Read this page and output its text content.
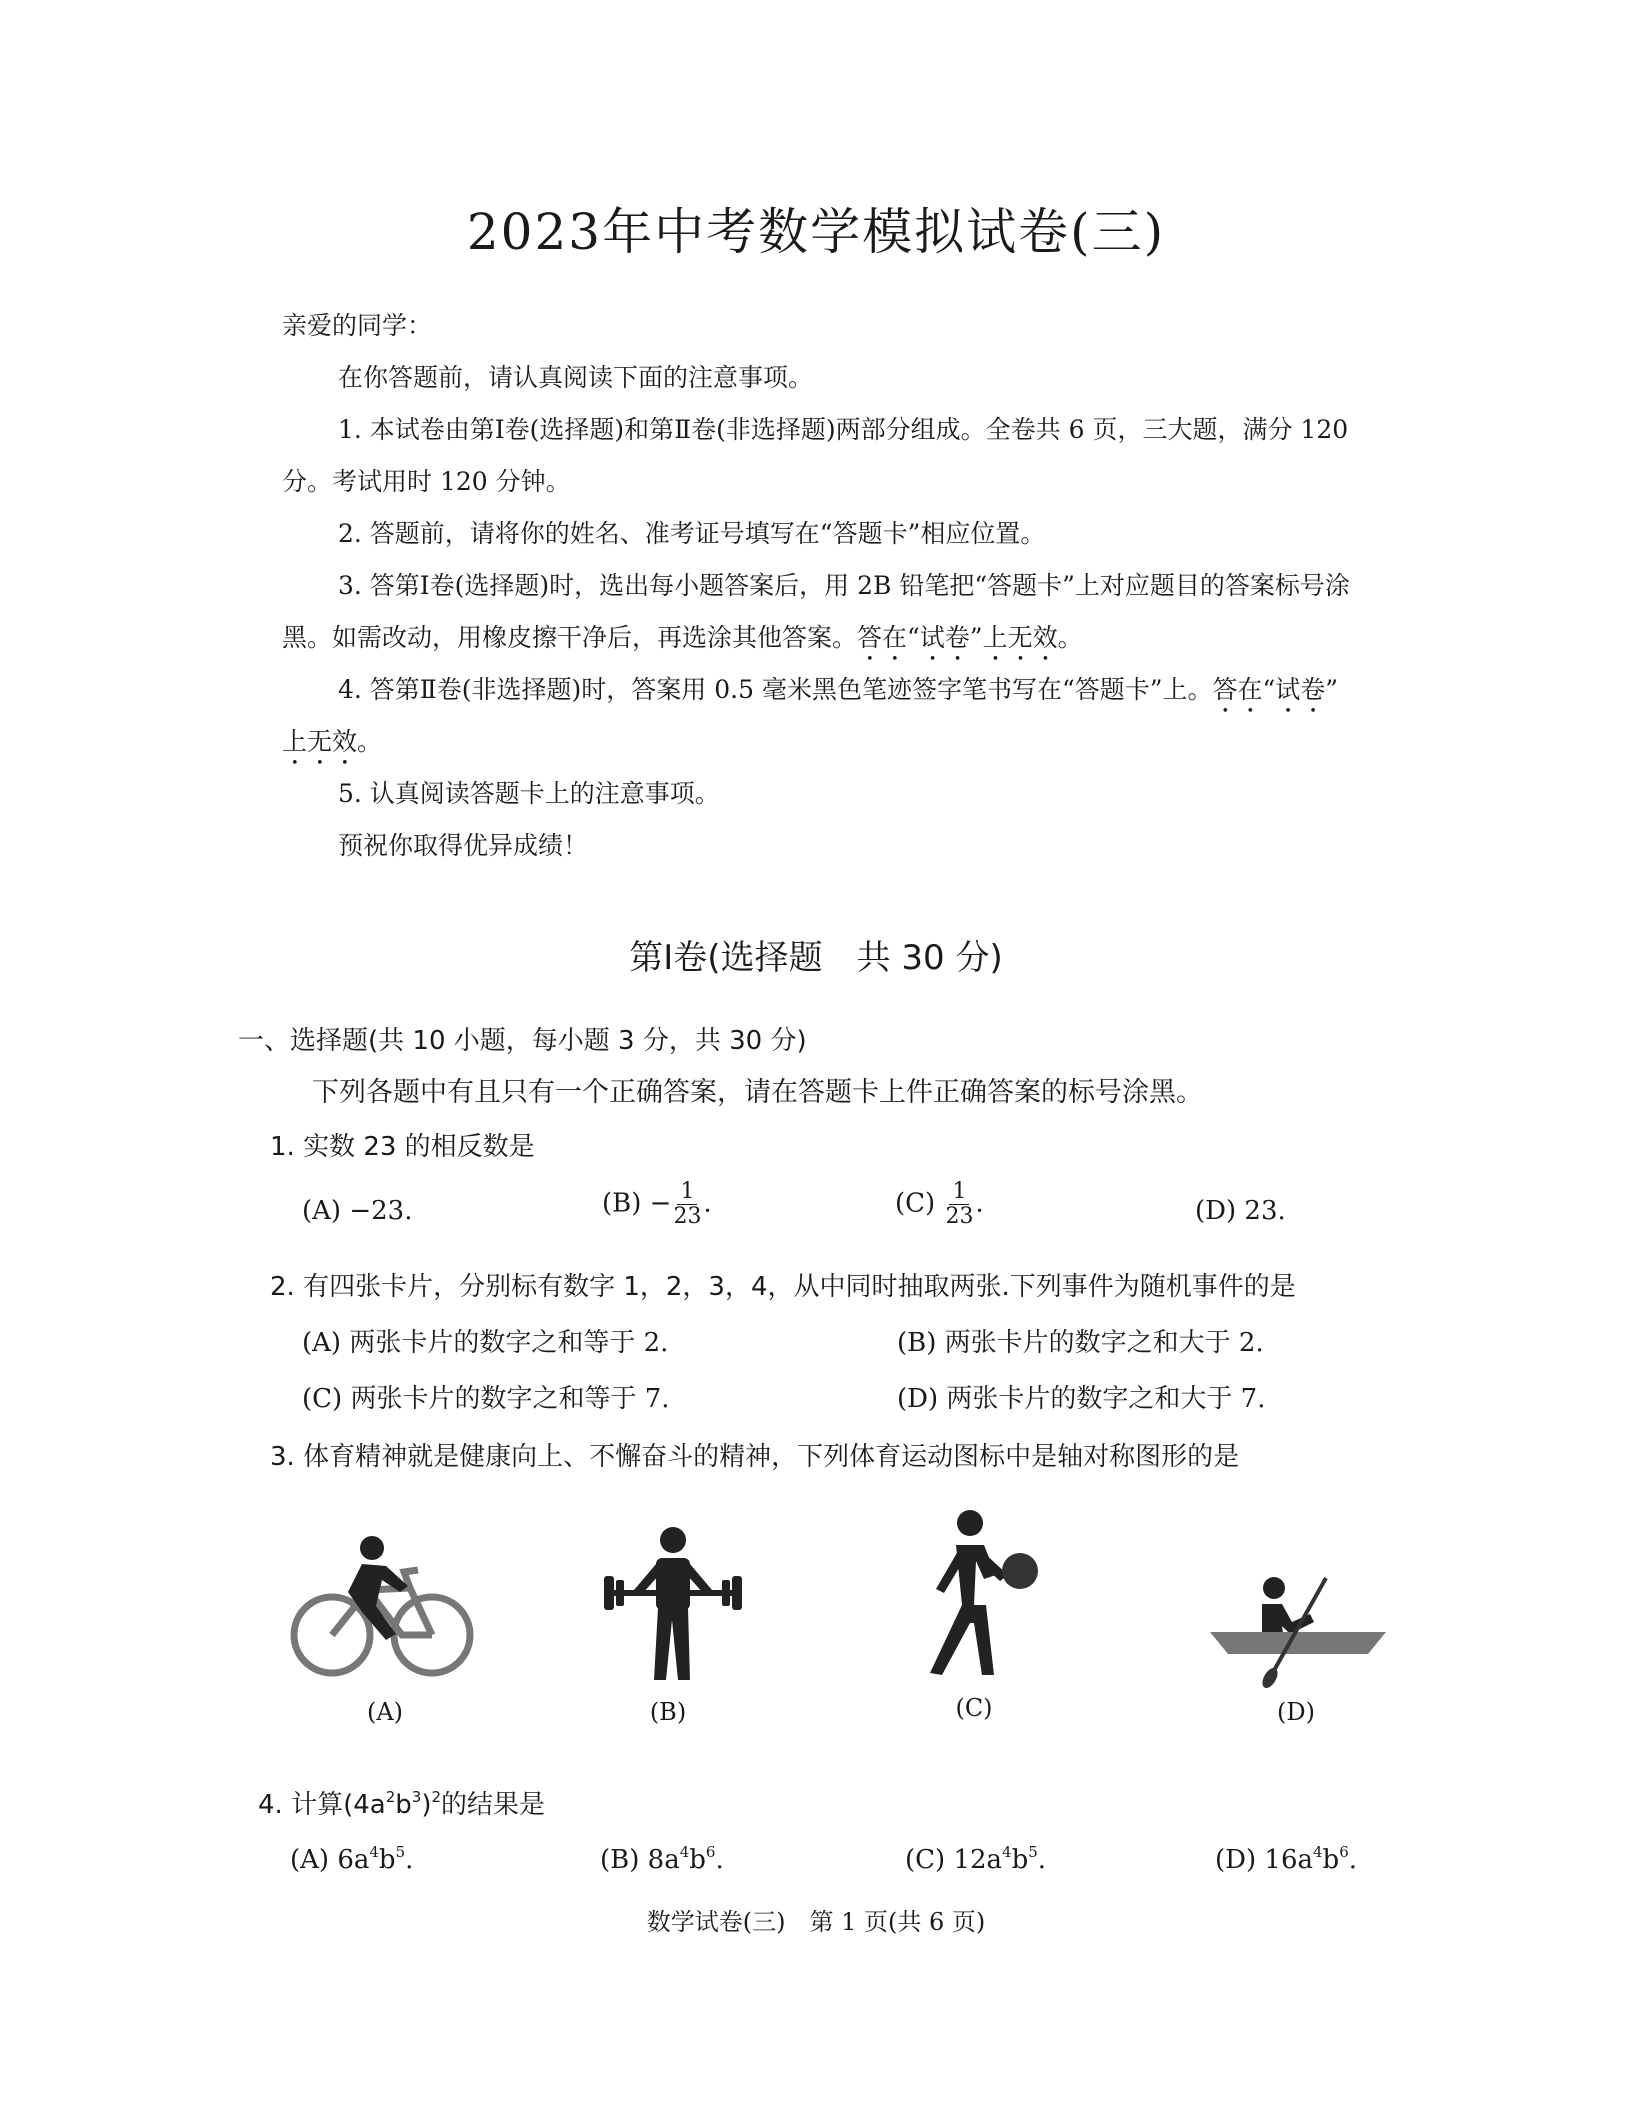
2023年中考数学模拟试卷(三)
亲爱的同学：
在你答题前，请认真阅读下面的注意事项。
1. 本试卷由第Ⅰ卷(选择题)和第Ⅱ卷(非选择题)两部分组成。全卷共 6 页，三大题，满分 120
分。考试用时 120 分钟。
2. 答题前，请将你的姓名、准考证号填写在“答题卡”相应位置。
3. 答第Ⅰ卷(选择题)时，选出每小题答案后，用 2B 铅笔把“答题卡”上对应题目的答案标号涂
黑。如需改动，用橡皮擦干净后，再选涂其他答案。答在“试卷”上无效。
4. 答第Ⅱ卷(非选择题)时，答案用 0.5 毫米黑色笔迹签字笔书写在“答题卡”上。答在“试卷”
上无效。
5. 认真阅读答题卡上的注意事项。
预祝你取得优异成绩！
第Ⅰ卷(选择题　共 30 分)
一、选择题(共 10 小题，每小题 3 分，共 30 分)
下列各题中有且只有一个正确答案，请在答题卡上件正确答案的标号涂黑。
1. 实数 23 的相反数是
(A) −23.	$(B) - \frac{1}{23}$ .	$(C) \frac{1}{23}$ .	(D) 23.
2. 有四张卡片，分别标有数字 1，2，3，4，从中同时抽取两张.下列事件为随机事件的是
(A) 两张卡片的数字之和等于 2.	(B) 两张卡片的数字之和大于 2.
(C) 两张卡片的数字之和等于 7.	(D) 两张卡片的数字之和大于 7.
3. 体育精神就是健康向上、不懈奋斗的精神，下列体育运动图标中是轴对称图形的是
(A)	(B)	(C)	(D)
4. 计算$(4a^2b^3)^2$的结果是
(A) $6a^4b^5$.	(B) $8a^4b^6$.	(C) $12a^4b^5$.	(D) $16a^4b^6$.
数学试卷(三)　第 1 页(共 6 页)
